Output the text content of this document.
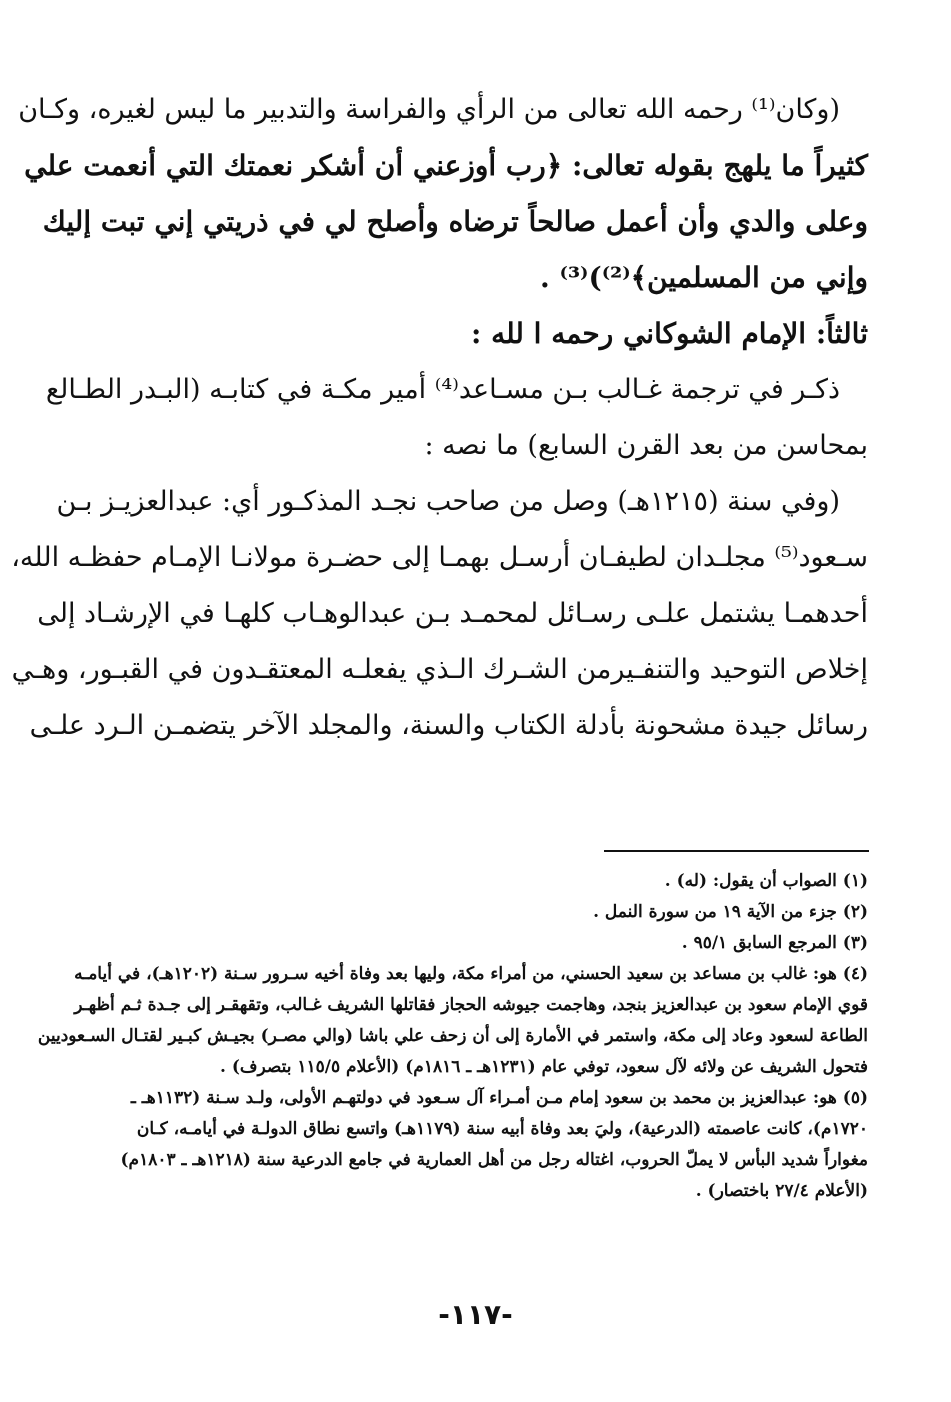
(وكان⁽¹⁾ رحمه الله تعالى من الرأي والفراسة والتدبير ما ليس لغيره، وكـان
كثيراً ما يلهج بقوله تعالى: ﴿رب أوزعني أن أشكر نعمتك التي أنعمت علي
وعلى والدي وأن أعمل صالحاً ترضاه وأصلح لي في ذريتي إني تبت إليك
وإني من المسلمين﴾⁽²⁾)⁽³⁾ .
ثالثاً: الإمام الشوكاني رحمه ا لله :
ذكـر في ترجمة غـالب بـن مسـاعد⁽⁴⁾ أمير مكـة في كتابـه (البـدر الطـالع
بمحاسن من بعد القرن السابع) ما نصه :
(وفي سنة (١٢١٥هـ) وصل من صاحب نجـد المذكـور أي: عبدالعزيـز بـن
سـعود⁽⁵⁾ مجلـدان لطيفـان أرسـل بهمـا إلى حضـرة مولانـا الإمـام حفظـه الله،
أحدهمـا يشتمل علـى رسـائل لمحمـد بـن عبدالوهـاب كلهـا في الإرشـاد إلى
إخلاص التوحيد والتنفـيرمن الشـرك الـذي يفعلـه المعتقـدون في القبـور، وهـي
رسائل جيدة مشحونة بأدلة الكتاب والسنة، والمجلد الآخر يتضمـن الـرد علـى
(١) الصواب أن يقول: (له) .
(٢) جزء من الآية ١٩ من سورة النمل .
(٣) المرجع السابق ٩٥/١ .
(٤) هو: غالب بن مساعد بن سعيد الحسني، من أمراء مكة، وليها بعد وفاة أخيه سـرور سـنة (١٢٠٢هـ)، في أيامـه
قوي الإمام سعود بن عبدالعزيز بنجد، وهاجمت جيوشه الحجاز فقاتلها الشريف غـالب، وتقهقـر إلى جـدة ثـم أظهـر
الطاعة لسعود وعاد إلى مكة، واستمر في الأمارة إلى أن زحف علي باشا (والي مصـر) بجيـش كبـير لقتـال السـعوديين
فتحول الشريف عن ولائه لآل سعود، توفي عام (١٢٣١هـ ـ ١٨١٦م) (الأعلام ١١٥/٥ بتصرف) .
(٥) هو: عبدالعزيز بن محمد بن سعود إمام مـن أمـراء آل سـعود في دولتهـم الأولى، ولـد سـنة (١١٣٢هـ ـ
١٧٢٠م)، كانت عاصمته (الدرعية)، وليَ بعد وفاة أبيه سنة (١١٧٩هـ) واتسع نطاق الدولـة في أيامـه، كـان
مغواراً شديد البأس لا يملّ الحروب، اغتاله رجل من أهل العمارية في جامع الدرعية سنة (١٢١٨هـ ـ ١٨٠٣م)
(الأعلام ٢٧/٤ باختصار) .
-١١٧-
